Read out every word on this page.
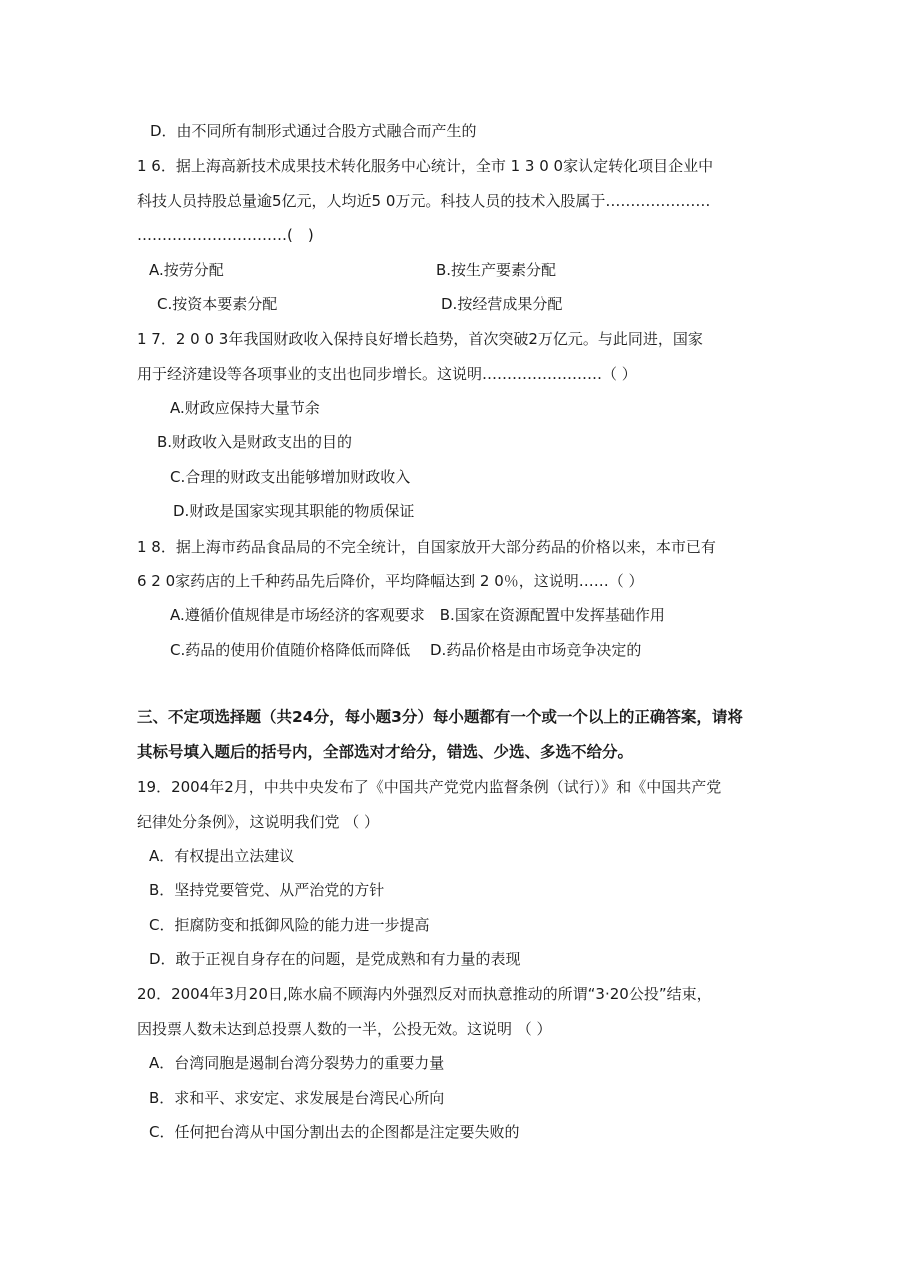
D．由不同所有制形式通过合股方式融合而产生的
1 6．据上海高新技术成果技术转化服务中心统计，全市 1 3 0 0家认定转化项目企业中
科技人员持股总量逾5亿元，人均近5 0万元。科技人员的技术入股属于…………………
…………………………(　)
A.按劳分配	B.按生产要素分配
C.按资本要素分配	D.按经营成果分配
1 7．2 0 0 3年我国财政收入保持良好增长趋势，首次突破2万亿元。与此同进，国家
用于经济建设等各项事业的支出也同步增长。这说明……………………（ ）
A.财政应保持大量节余
B.财政收入是财政支出的目的
C.合理的财政支出能够增加财政收入
D.财政是国家实现其职能的物质保证
1 8．据上海市药品食品局的不完全统计，自国家放开大部分药品的价格以来，本市已有
6 2 0家药店的上千种药品先后降价，平均降幅达到 2 0％，这说明……（ ）
A.遵循价值规律是市场经济的客观要求　B.国家在资源配置中发挥基础作用
C.药品的使用价值随价格降低而降低　 D.药品价格是由市场竞争决定的
三、不定项选择题（共24分，每小题3分）每小题都有一个或一个以上的正确答案，请将
其标号填入题后的括号内，全部选对才给分，错选、少选、多选不给分。
19．2004年2月，中共中央发布了《中国共产党党内监督条例（试行）》和《中国共产党
纪律处分条例》，这说明我们党 （ ）
A．有权提出立法建议
B．坚持党要管党、从严治党的方针
C．拒腐防变和抵御风险的能力进一步提高
D．敢于正视自身存在的问题，是党成熟和有力量的表现
20．2004年3月20日,陈水扁不顾海内外强烈反对而执意推动的所谓“3·20公投”结束，
因投票人数未达到总投票人数的一半，公投无效。这说明 （ ）
A．台湾同胞是遏制台湾分裂势力的重要力量
B．求和平、求安定、求发展是台湾民心所向
C．任何把台湾从中国分割出去的企图都是注定要失败的
